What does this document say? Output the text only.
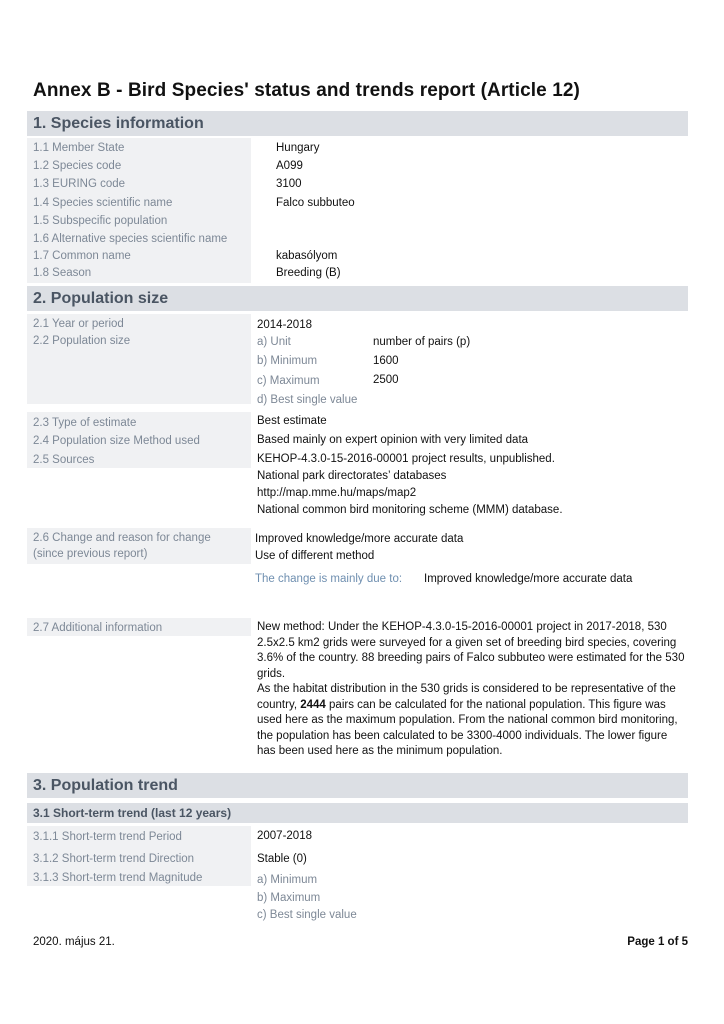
Annex B - Bird Species' status and trends report (Article 12)
1. Species information
1.1 Member State	Hungary
1.2 Species code	A099
1.3 EURING code	3100
1.4 Species scientific name	Falco subbuteo
1.5 Subspecific population
1.6 Alternative species scientific name
1.7 Common name	kabasólyom
1.8 Season	Breeding (B)
2. Population size
2.1 Year or period	2014-2018
2.2 Population size	a) Unit	number of pairs (p)
b) Minimum	1600
c) Maximum	2500
d) Best single value
2.3 Type of estimate	Best estimate
2.4 Population size Method used	Based mainly on expert opinion with very limited data
2.5 Sources	KEHOP-4.3.0-15-2016-00001 project results, unpublished.
National park directorates’ databases
http://map.mme.hu/maps/map2
National common bird monitoring scheme (MMM) database.
2.6 Change and reason for change
(since previous report)
Improved knowledge/more accurate data
Use of different method
The change is mainly due to: Improved knowledge/more accurate data
2.7 Additional information	New method: Under the KEHOP-4.3.0-15-2016-00001 project in 2017-2018, 530 2.5x2.5 km2 grids were surveyed for a given set of breeding bird species, covering 3.6% of the country. 88 breeding pairs of Falco subbuteo were estimated for the 530 grids.
As the habitat distribution in the 530 grids is considered to be representative of the country, 2444 pairs can be calculated for the national population. This figure was used here as the maximum population. From the national common bird monitoring, the population has been calculated to be 3300-4000 individuals. The lower figure has been used here as the minimum population.
3. Population trend
3.1 Short-term trend (last 12 years)
3.1.1 Short-term trend Period	2007-2018
3.1.2 Short-term trend Direction	Stable (0)
3.1.3 Short-term trend Magnitude	a) Minimum
b) Maximum
c) Best single value
2020. május 21.	Page 1 of 5
